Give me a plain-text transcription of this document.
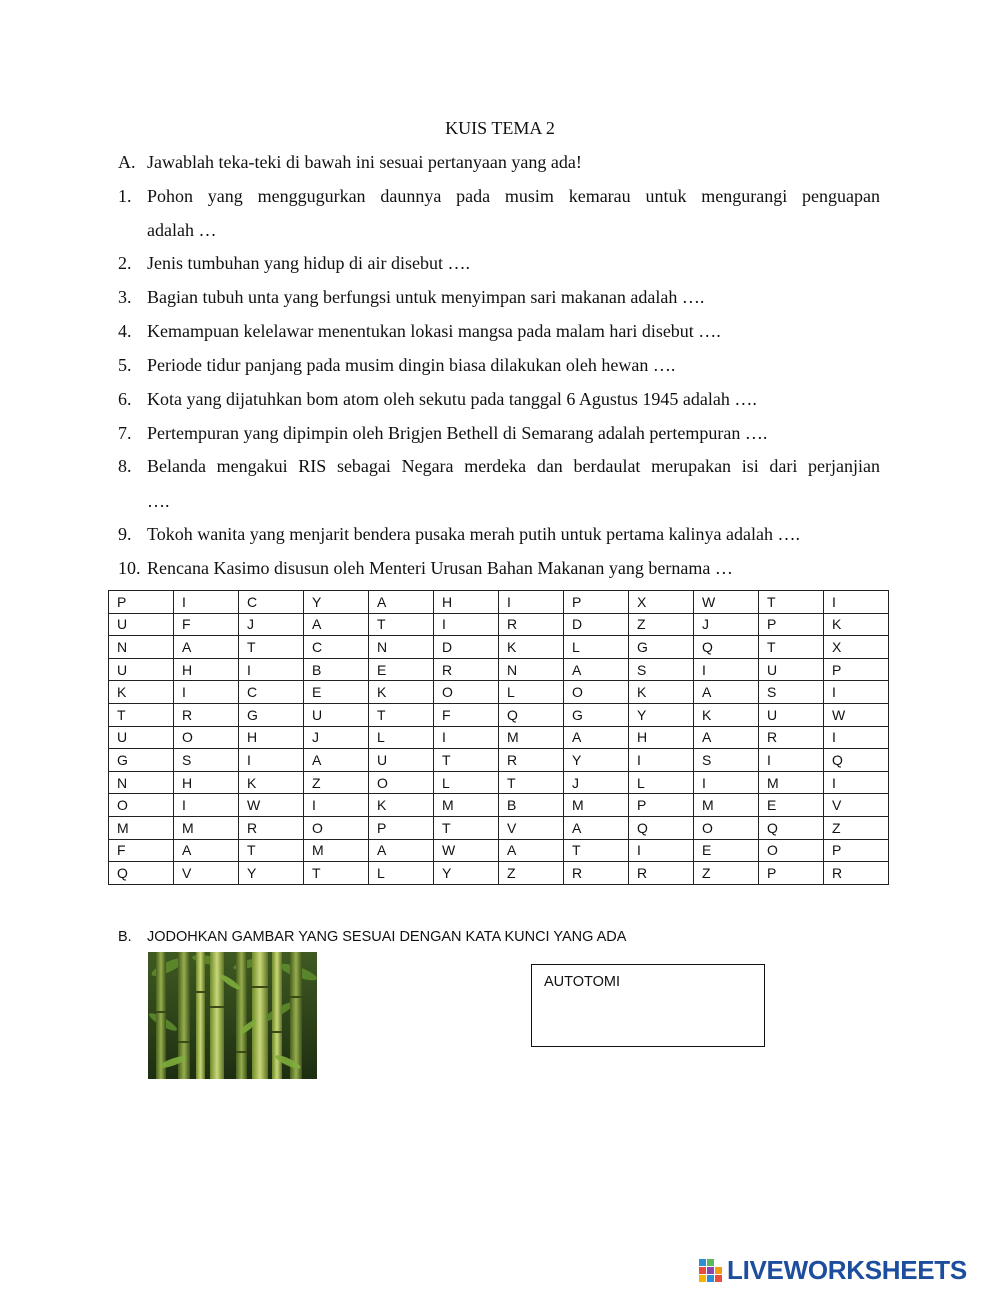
KUIS TEMA 2
A. Jawablah teka-teki di bawah ini sesuai pertanyaan yang ada!
1. Pohon yang menggugurkan daunnya pada musim kemarau untuk mengurangi penguapan
adalah …
2. Jenis tumbuhan yang hidup di air disebut ….
3. Bagian tubuh unta yang berfungsi untuk menyimpan sari makanan adalah ….
4. Kemampuan kelelawar menentukan lokasi mangsa pada malam hari disebut ….
5. Periode tidur panjang pada musim dingin biasa dilakukan oleh hewan ….
6. Kota yang dijatuhkan bom atom oleh sekutu pada tanggal 6 Agustus 1945 adalah ….
7. Pertempuran yang dipimpin oleh Brigjen Bethell di Semarang adalah pertempuran ….
8. Belanda mengakui RIS sebagai Negara merdeka dan berdaulat merupakan isi dari perjanjian
….
9. Tokoh wanita yang menjarit bendera pusaka merah putih untuk pertama kalinya adalah ….
10. Rencana Kasimo disusun oleh Menteri Urusan Bahan Makanan yang bernama …
P	I	C	Y	A	H	I	P	X	W	T	I
U	F	J	A	T	I	R	D	Z	J	P	K
N	A	T	C	N	D	K	L	G	Q	T	X
U	H	I	B	E	R	N	A	S	I	U	P
K	I	C	E	K	O	L	O	K	A	S	I
T	R	G	U	T	F	Q	G	Y	K	U	W
U	O	H	J	L	I	M	A	H	A	R	I
G	S	I	A	U	T	R	Y	I	S	I	Q
N	H	K	Z	O	L	T	J	L	I	M	I
O	I	W	I	K	M	B	M	P	M	E	V
M	M	R	O	P	T	V	A	Q	O	Q	Z
F	A	T	M	A	W	A	T	I	E	O	P
Q	V	Y	T	L	Y	Z	R	R	Z	P	R
B. JODOHKAN GAMBAR YANG SESUAI DENGAN KATA KUNCI YANG ADA
AUTOTOMI
LIVEWORKSHEETS
